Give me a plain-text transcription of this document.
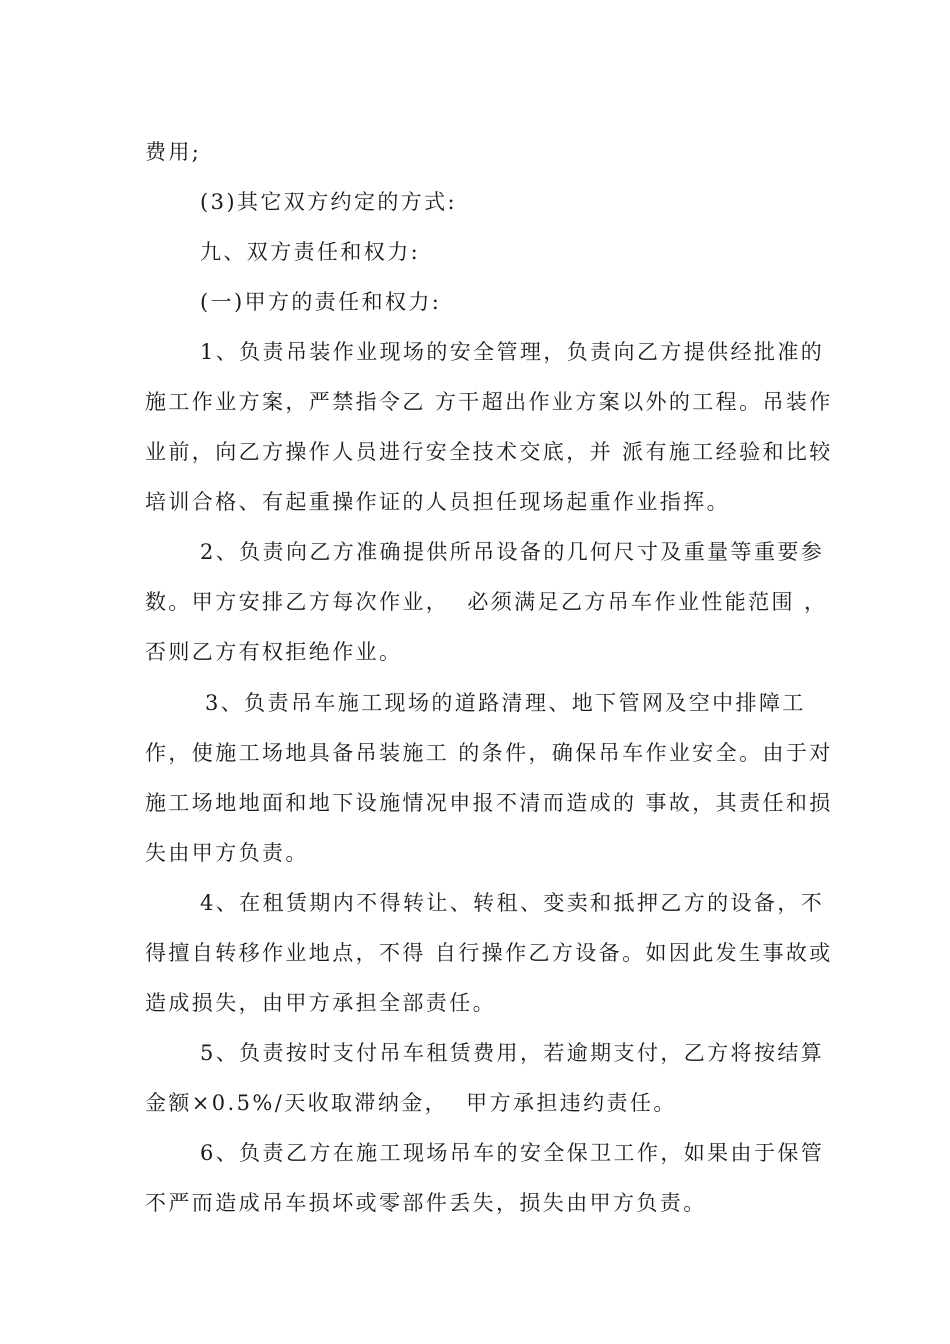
费用;
(3)其它双方约定的方式:
九、双方责任和权力:
(一)甲方的责任和权力:
1、负责吊装作业现场的安全管理，负责向乙方提供经批准的
施工作业方案，严禁指令乙 方干超出作业方案以外的工程。吊装作
业前，向乙方操作人员进行安全技术交底，并 派有施工经验和比较
培训合格、有起重操作证的人员担任现场起重作业指挥。
2、负责向乙方准确提供所吊设备的几何尺寸及重量等重要参
数。甲方安排乙方每次作业，  必须满足乙方吊车作业性能范围 ，
否则乙方有权拒绝作业。
3、负责吊车施工现场的道路清理、地下管网及空中排障工
作，使施工场地具备吊装施工 的条件，确保吊车作业安全。由于对
施工场地地面和地下设施情况申报不清而造成的 事故，其责任和损
失由甲方负责。
4、在租赁期内不得转让、转租、变卖和抵押乙方的设备，不
得擅自转移作业地点，不得 自行操作乙方设备。如因此发生事故或
造成损失，由甲方承担全部责任。
5、负责按时支付吊车租赁费用，若逾期支付，乙方将按结算
金额×0.5%/天收取滞纳金，  甲方承担违约责任。
6、负责乙方在施工现场吊车的安全保卫工作，如果由于保管
不严而造成吊车损坏或零部件丢失，损失由甲方负责。
